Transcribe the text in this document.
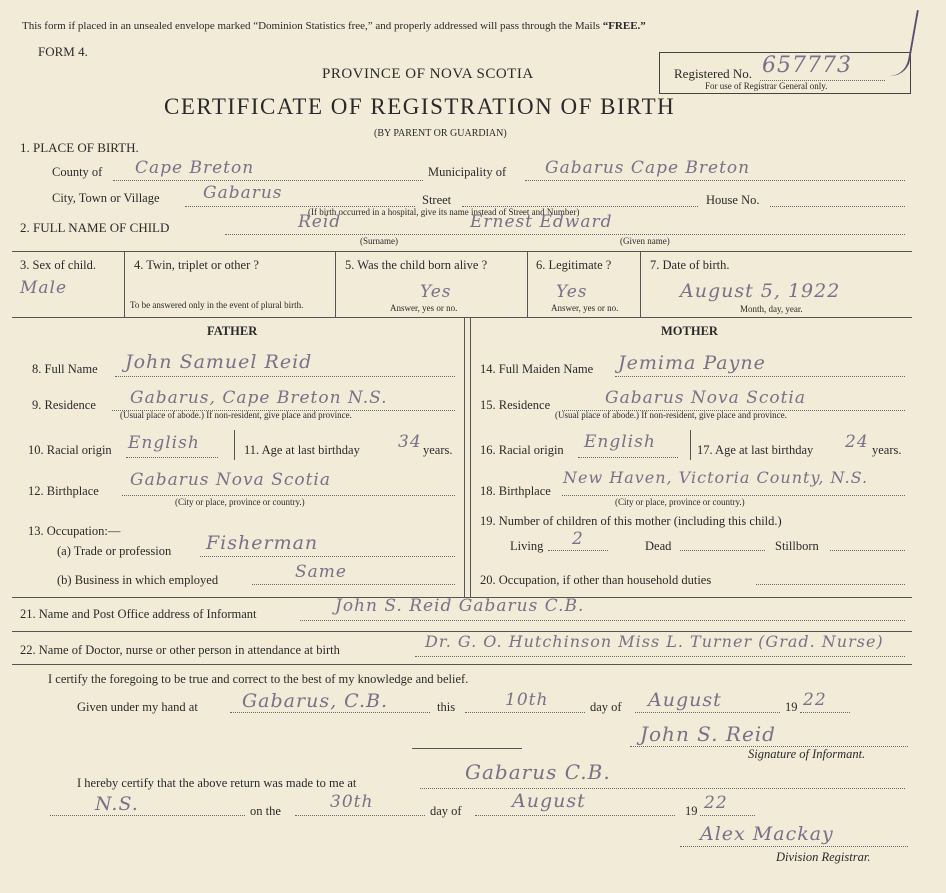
This form if placed in an unsealed envelope marked “Dominion Statistics free,” and properly addressed will pass through the Mails “FREE.”
FORM 4.
PROVINCE OF NOVA SCOTIA
CERTIFICATE OF REGISTRATION OF BIRTH
(BY PARENT OR GUARDIAN)
Registered No. 657773
For use of Registrar General only.
1. PLACE OF BIRTH.
County of Cape Breton	Municipality of Gabarus Cape Breton
City, Town or Village	Gabarus	Street	House No.
(If birth occurred in a hospital, give its name instead of Street and Number)
2. FULL NAME OF CHILD	Reid	Ernest Edward
(Surname)	(Given name)
3. Sex of child.
Male
4. Twin, triplet or other ?
To be answered only in the event of plural birth.
5. Was the child born alive ?
Yes
Answer, yes or no.
6. Legitimate ?
Yes
Answer, yes or no.
7. Date of birth.
August 5, 1922
Month, day, year.
FATHER	MOTHER
8. Full Name John Samuel Reid
9. Residence Gabarus, Cape Breton N.S.
(Usual place of abode.) If non-resident, give place and province.
10. Racial origin English	11. Age at last birthday 34 years.
12. Birthplace
Gabarus Nova Scotia
(City or place, province or country.)
13. Occupation:—
(a) Trade or profession Fisherman
(b) Business in which employed	Same
14. Full Maiden Name Jemima Payne
15. Residence	Gabarus Nova Scotia
(Usual place of abode.) If non-resident, give place and province.
16. Racial origin English	17. Age at last birthday 24 years.
18. Birthplace
New Haven, Victoria County, N.S.
(City or place, province or country.)
19. Number of children of this mother (including this child.)
Living 2	Dead	Stillborn
20. Occupation, if other than household duties
21. Name and Post Office address of Informant	John S. Reid Gabarus C.B.
22. Name of Doctor, nurse or other person in attendance at birth	Dr. G. O. Hutchinson Miss L. Turner (Grad. Nurse)
I certify the foregoing to be true and correct to the best of my knowledge and belief.
Given under my hand at Gabarus, C.B.	this	10th	day of August	19 22
John S. Reid
Signature of Informant.
I hereby certify that the above return was made to me at	Gabarus C.B.
N.S.	on the	30th	day of	August	19 22
Alex Mackay
Division Registrar.
